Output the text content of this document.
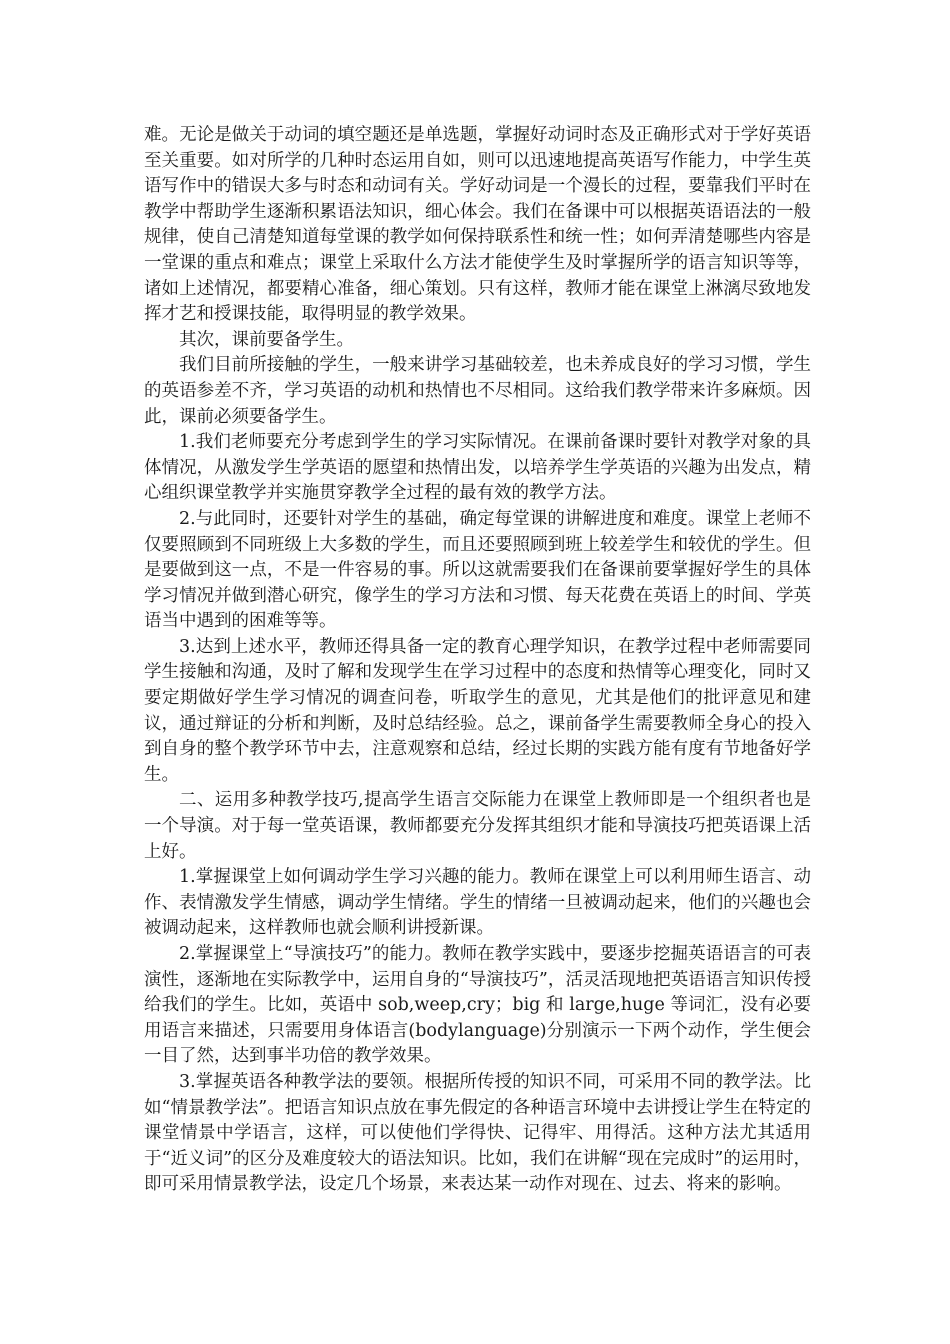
难。无论是做关于动词的填空题还是单选题，掌握好动词时态及正确形式对于学好英语至关重要。如对所学的几种时态运用自如，则可以迅速地提高英语写作能力，中学生英语写作中的错误大多与时态和动词有关。学好动词是一个漫长的过程，要靠我们平时在教学中帮助学生逐渐积累语法知识，细心体会。我们在备课中可以根据英语语法的一般规律，使自己清楚知道每堂课的教学如何保持联系性和统一性；如何弄清楚哪些内容是一堂课的重点和难点；课堂上采取什么方法才能使学生及时掌握所学的语言知识等等，诸如上述情况，都要精心准备，细心策划。只有这样，教师才能在课堂上淋漓尽致地发挥才艺和授课技能，取得明显的教学效果。

其次，课前要备学生。

我们目前所接触的学生，一般来讲学习基础较差，也未养成良好的学习习惯，学生的英语参差不齐，学习英语的动机和热情也不尽相同。这给我们教学带来许多麻烦。因此，课前必须要备学生。

1.我们老师要充分考虑到学生的学习实际情况。在课前备课时要针对教学对象的具体情况，从激发学生学英语的愿望和热情出发，以培养学生学英语的兴趣为出发点，精心组织课堂教学并实施贯穿教学全过程的最有效的教学方法。

2.与此同时，还要针对学生的基础，确定每堂课的讲解进度和难度。课堂上老师不仅要照顾到不同班级上大多数的学生，而且还要照顾到班上较差学生和较优的学生。但是要做到这一点，不是一件容易的事。所以这就需要我们在备课前要掌握好学生的具体学习情况并做到潜心研究，像学生的学习方法和习惯、每天花费在英语上的时间、学英语当中遇到的困难等等。

3.达到上述水平，教师还得具备一定的教育心理学知识，在教学过程中老师需要同学生接触和沟通，及时了解和发现学生在学习过程中的态度和热情等心理变化，同时又要定期做好学生学习情况的调查问卷，听取学生的意见，尤其是他们的批评意见和建议，通过辩证的分析和判断，及时总结经验。总之，课前备学生需要教师全身心的投入到自身的整个教学环节中去，注意观察和总结，经过长期的实践方能有度有节地备好学生。

二、运用多种教学技巧,提高学生语言交际能力在课堂上教师即是一个组织者也是一个导演。对于每一堂英语课，教师都要充分发挥其组织才能和导演技巧把英语课上活上好。

1.掌握课堂上如何调动学生学习兴趣的能力。教师在课堂上可以利用师生语言、动作、表情激发学生情感，调动学生情绪。学生的情绪一旦被调动起来，他们的兴趣也会被调动起来，这样教师也就会顺利讲授新课。

2.掌握课堂上“导演技巧”的能力。教师在教学实践中，要逐步挖掘英语语言的可表演性，逐渐地在实际教学中，运用自身的“导演技巧”，活灵活现地把英语语言知识传授给我们的学生。比如，英语中 sob,weep,cry；big 和 large,huge 等词汇，没有必要用语言来描述，只需要用身体语言(bodylanguage)分别演示一下两个动作，学生便会一目了然，达到事半功倍的教学效果。

3.掌握英语各种教学法的要领。根据所传授的知识不同，可采用不同的教学法。比如“情景教学法”。把语言知识点放在事先假定的各种语言环境中去讲授让学生在特定的课堂情景中学语言，这样，可以使他们学得快、记得牢、用得活。这种方法尤其适用于“近义词”的区分及难度较大的语法知识。比如，我们在讲解“现在完成时”的运用时，即可采用情景教学法，设定几个场景，来表达某一动作对现在、过去、将来的影响。
